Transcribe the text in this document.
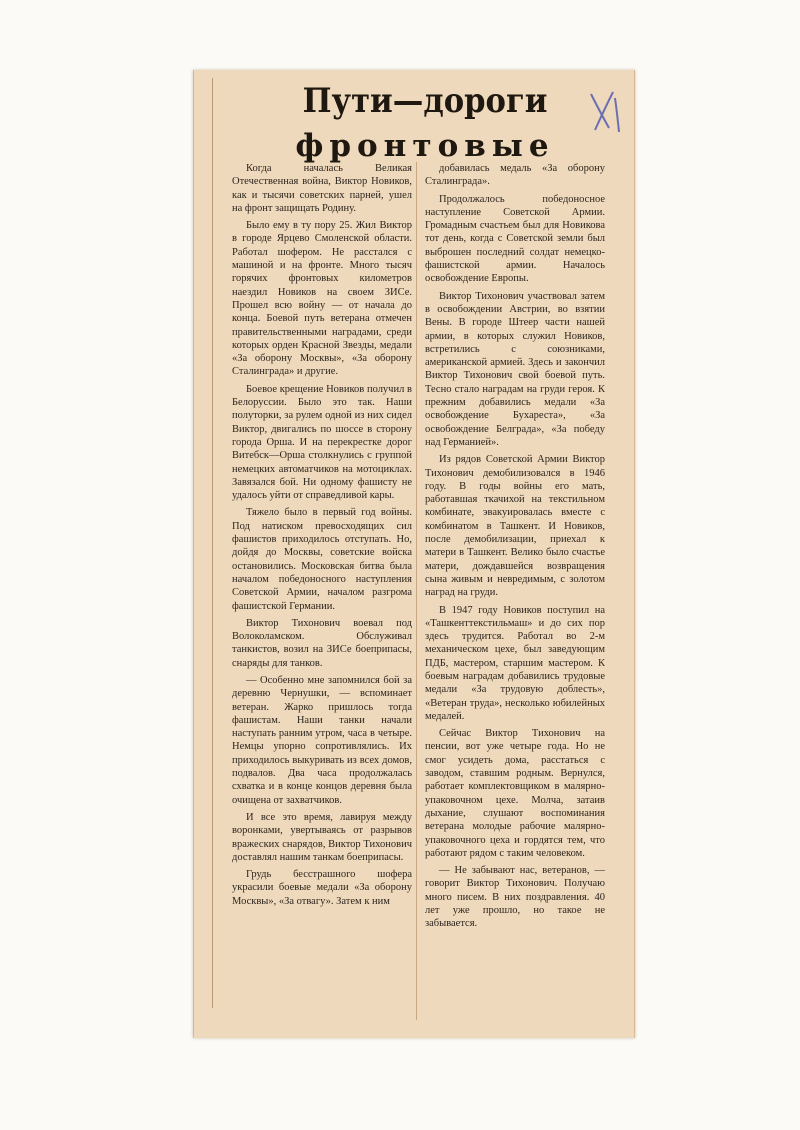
Пути—дороги
фронтовые

Когда началась Великая Отечественная война, Виктор Новиков, как и тысячи советских парней, ушел на фронт защищать Родину.

Было ему в ту пору 25. Жил Виктор в городе Ярцево Смоленской области. Работал шофером. Не расстался с машиной и на фронте. Много тысяч горячих фронтовых километров наездил Новиков на своем ЗИСе. Прошел всю войну — от начала до конца. Боевой путь ветерана отмечен правительственными наградами, среди которых орден Красной Звезды, медали «За оборону Москвы», «За оборону Сталинграда» и другие.

Боевое крещение Новиков получил в Белоруссии. Было это так. Наши полуторки, за рулем одной из них сидел Виктор, двигались по шоссе в сторону города Орша. И на перекрестке дорог Витебск—Орша столкнулись с группой немецких автоматчиков на мотоциклах. Завязался бой. Ни одному фашисту не удалось уйти от справедливой кары.

Тяжело было в первый год войны. Под натиском превосходящих сил фашистов приходилось отступать. Но, дойдя до Москвы, советские войска остановились. Московская битва была началом победоносного наступления Советской Армии, началом разгрома фашистской Германии.

Виктор Тихонович воевал под Волоколамском. Обслуживал танкистов, возил на ЗИСе боеприпасы, снаряды для танков.

— Особенно мне запомнился бой за деревню Чернушки, — вспоминает ветеран. Жарко пришлось тогда фашистам. Наши танки начали наступать ранним утром, часа в четыре. Немцы упорно сопротивлялись. Их приходилось выкуривать из всех домов, подвалов. Два часа продолжалась схватка и в конце концов деревня была очищена от захватчиков.

И все это время, лавируя между воронками, увертываясь от разрывов вражеских снарядов, Виктор Тихонович доставлял нашим танкам боеприпасы.

Грудь бесстрашного шофера украсили боевые медали «За оборону Москвы», «За отвагу». Затем к ним

добавилась медаль «За оборону Сталинграда».

Продолжалось победоносное наступление Советской Армии. Громадным счастьем был для Новикова тот день, когда с Советской земли был выброшен последний солдат немецко-фашистской армии. Началось освобождение Европы.

Виктор Тихонович участвовал затем в освобождении Австрии, во взятии Вены. В городе Штеер части нашей армии, в которых служил Новиков, встретились с союзниками, американской армией. Здесь и закончил Виктор Тихонович свой боевой путь. Тесно стало наградам на груди героя. К прежним добавились медали «За освобождение Бухареста», «За освобождение Белграда», «За победу над Германией».

Из рядов Советской Армии Виктор Тихонович демобилизовался в 1946 году. В годы войны его мать, работавшая ткачихой на текстильном комбинате, эвакуировалась вместе с комбинатом в Ташкент. И Новиков, после демобилизации, приехал к матери в Ташкент. Велико было счастье матери, дождавшейся возвращения сына живым и невредимым, с золотом наград на груди.

В 1947 году Новиков поступил на «Ташкенттекстильмаш» и до сих пор здесь трудится. Работал во 2-м механическом цехе, был заведующим ПДБ, мастером, старшим мастером. К боевым наградам добавились трудовые медали «За трудовую доблесть», «Ветеран труда», несколько юбилейных медалей.

Сейчас Виктор Тихонович на пенсии, вот уже четыре года. Но не смог усидеть дома, расстаться с заводом, ставшим родным. Вернулся, работает комплектовщиком в малярно-упаковочном цехе. Молча, затаив дыхание, слушают воспоминания ветерана молодые рабочие малярно-упаковочного цеха и гордятся тем, что работают рядом с таким человеком.

— Не забывают нас, ветеранов, — говорит Виктор Тихонович. Получаю много писем. В них поздравления. 40 лет уже прошло, но такое не забывается.
